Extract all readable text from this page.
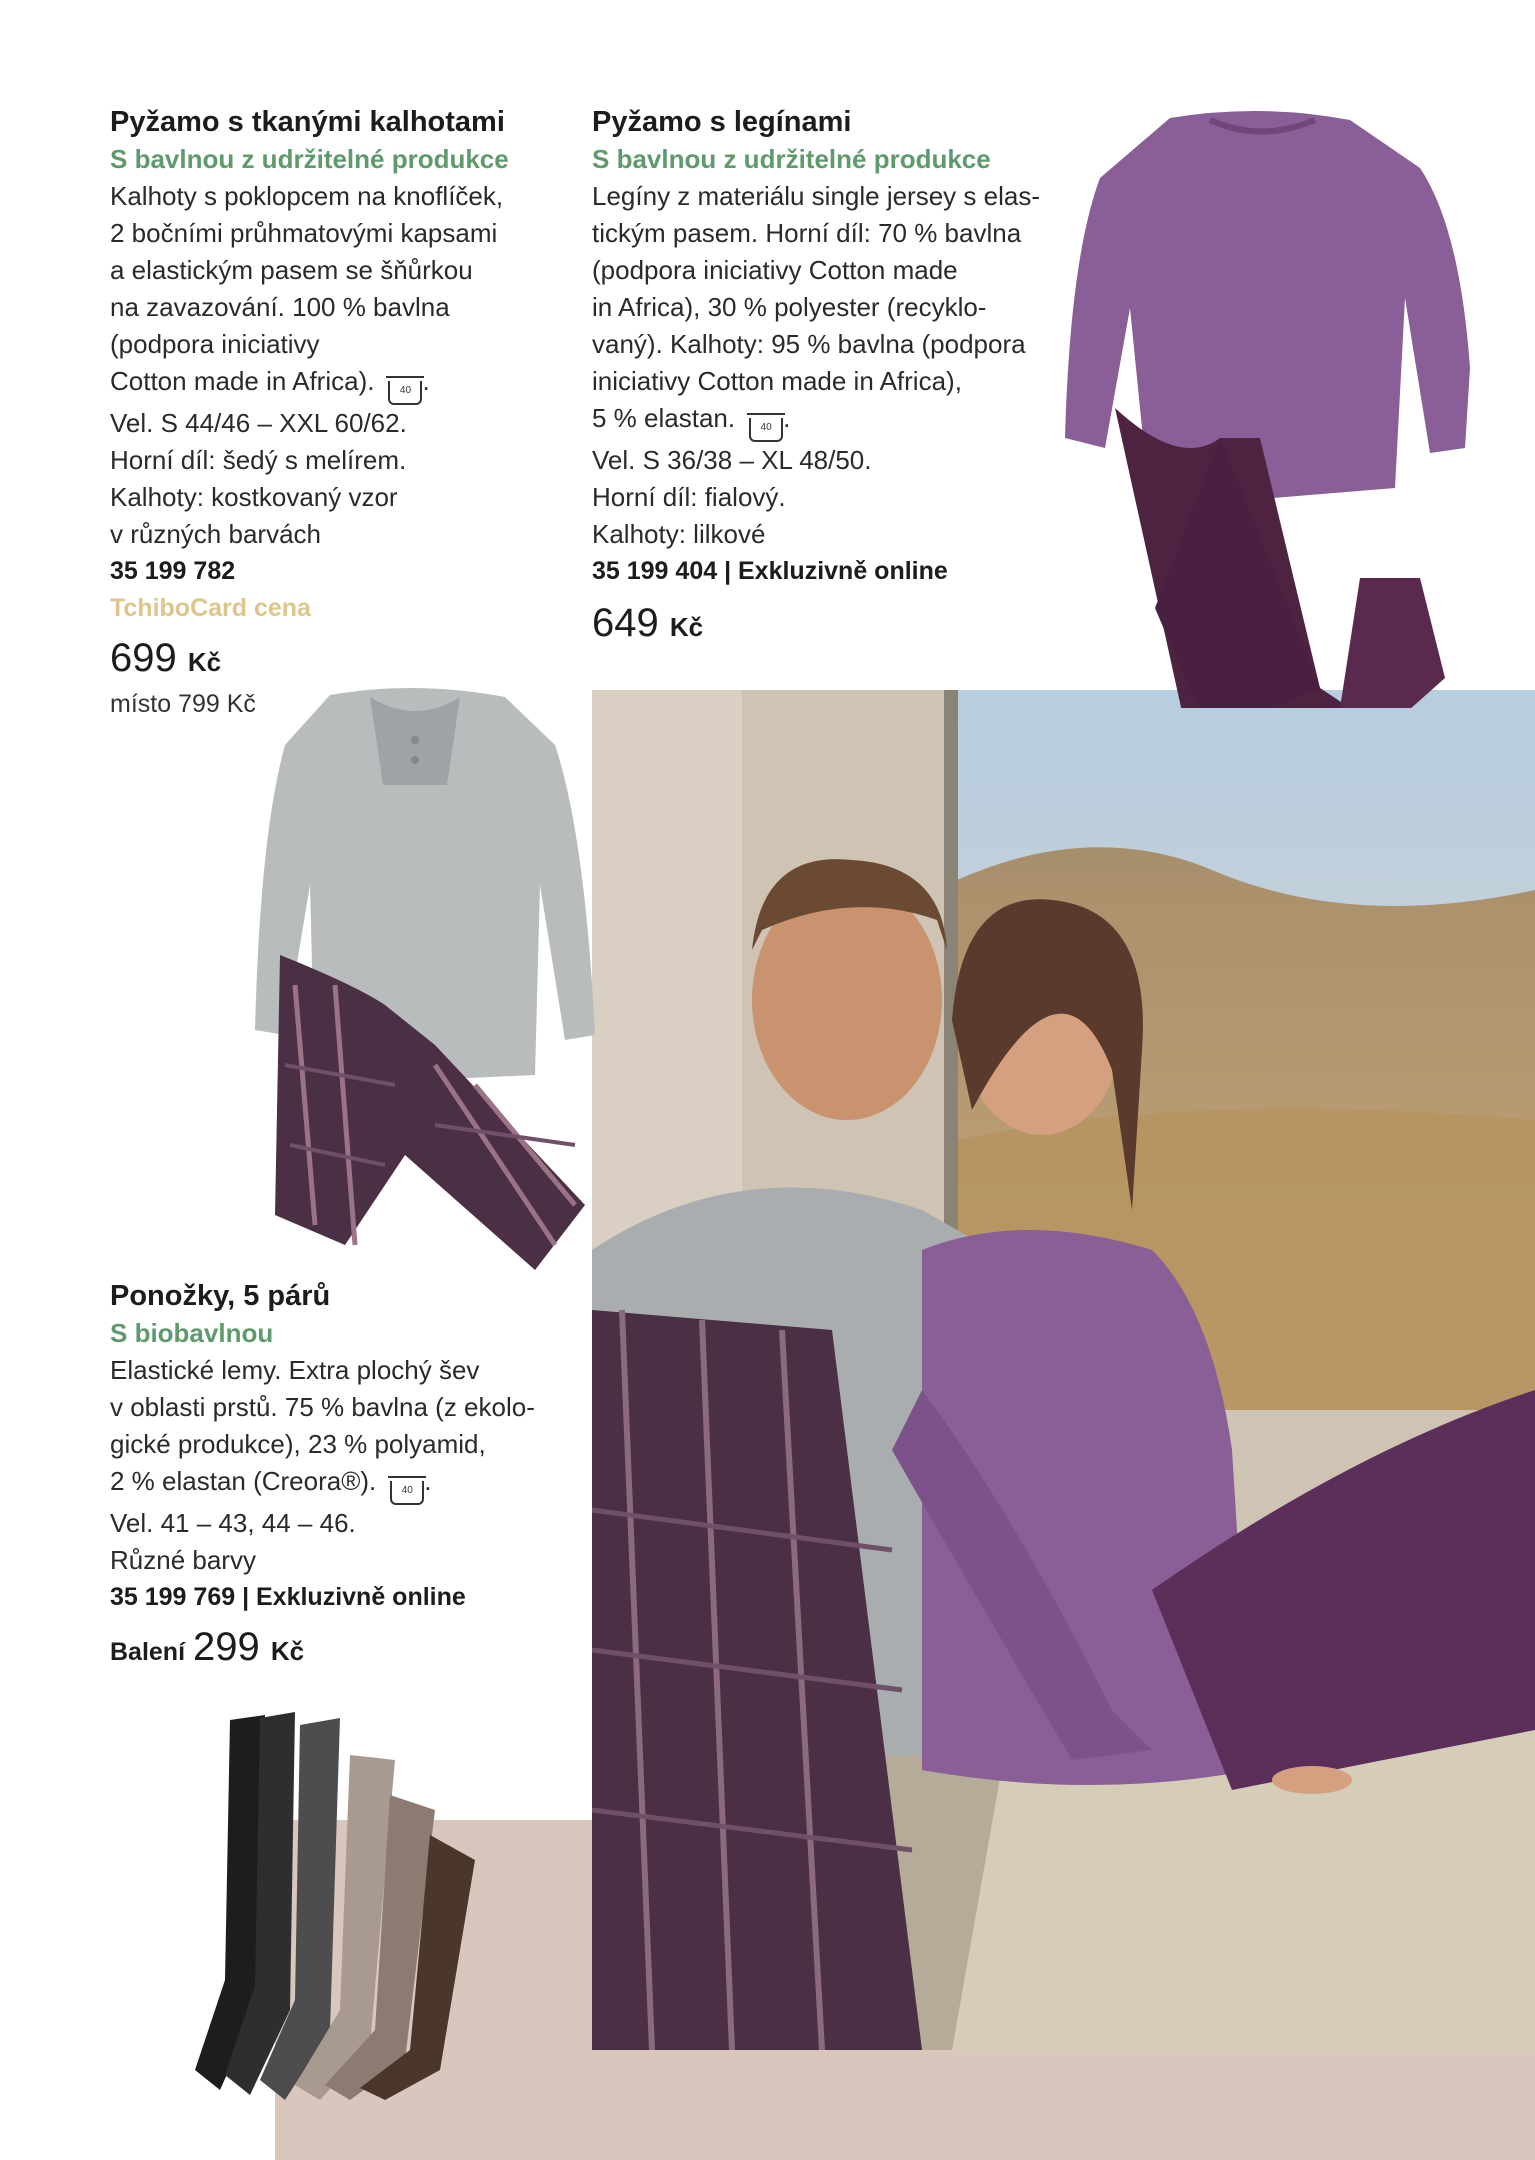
Pyžamo s tkanými kalhotami
S bavlnou z udržitelné produkce
Kalhoty s poklopcem na knoflíček,
2 bočními průhmatovými kapsami
a elastickým pasem se šňůrkou
na zavazování. 100 % bavlna
(podpora iniciativy
Cotton made in Africa).	40 .
Vel. S 44/46 – XXL 60/62.
Horní díl: šedý s melírem.
Kalhoty: kostkovaný vzor
v různých barvách
35 199 782
TchiboCard cena
699 Kč
místo 799 Kč
Pyžamo s legínami
S bavlnou z udržitelné produkce
Legíny z materiálu single jersey s elas-
tickým pasem. Horní díl: 70 % bavlna
(podpora iniciativy Cotton made
in Africa), 30 % polyester (recyklo-
vaný). Kalhoty: 95 % bavlna (podpora
iniciativy Cotton made in Africa),
5 % elastan.	40 .
Vel. S 36/38 – XL 48/50.
Horní díl: fialový.
Kalhoty: lilkové
35 199 404 | Exkluzivně online
649 Kč
Ponožky, 5 párů
S biobavlnou
Elastické lemy. Extra plochý šev
v oblasti prstů. 75 % bavlna (z ekolo-
gické produkce), 23 % polyamid,
2 % elastan (Creora®).	40 .
Vel. 41 – 43, 44 – 46.
Různé barvy
35 199 769 | Exkluzivně online
Balení 299 Kč
